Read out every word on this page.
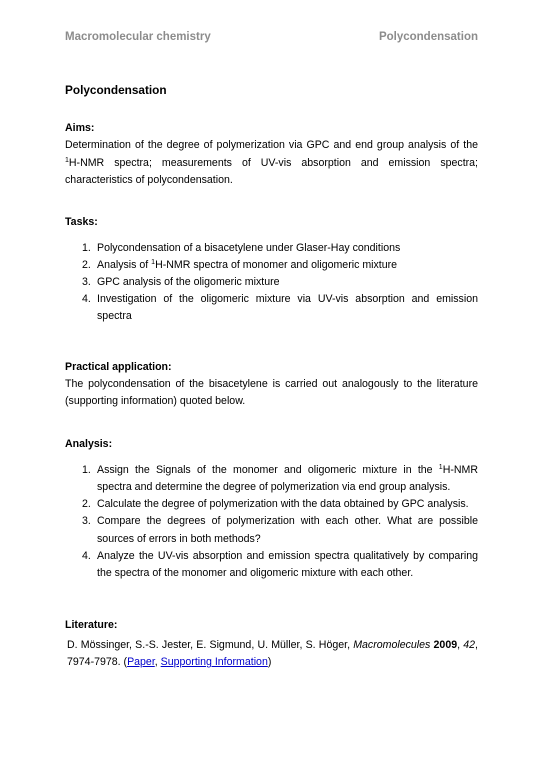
Macromolecular chemistry	Polycondensation
Polycondensation
Aims:

Determination of the degree of polymerization via GPC and end group analysis of the $^1$H-NMR spectra; measurements of UV-vis absorption and emission spectra; characteristics of polycondensation.

Tasks:
1. Polycondensation of a bisacetylene under Glaser-Hay conditions
2. Analysis of $^1$H-NMR spectra of monomer and oligomeric mixture
3. GPC analysis of the oligomeric mixture
4. Investigation of the oligomeric mixture via UV-vis absorption and emission spectra
Practical application:

The polycondensation of the bisacetylene is carried out analogously to the literature (supporting information) quoted below.

Analysis:
1. Assign the Signals of the monomer and oligomeric mixture in the $^1$H-NMR spectra and determine the degree of polymerization via end group analysis.
2. Calculate the degree of polymerization with the data obtained by GPC analysis.
3. Compare the degrees of polymerization with each other. What are possible sources of errors in both methods?
4. Analyze the UV-vis absorption and emission spectra qualitatively by comparing the spectra of the monomer and oligomeric mixture with each other.
Literature:

D. Mössinger, S.-S. Jester, E. Sigmund, U. Müller, S. Höger, Macromolecules 2009, 42, 7974-7978. (Paper, Supporting Information)
